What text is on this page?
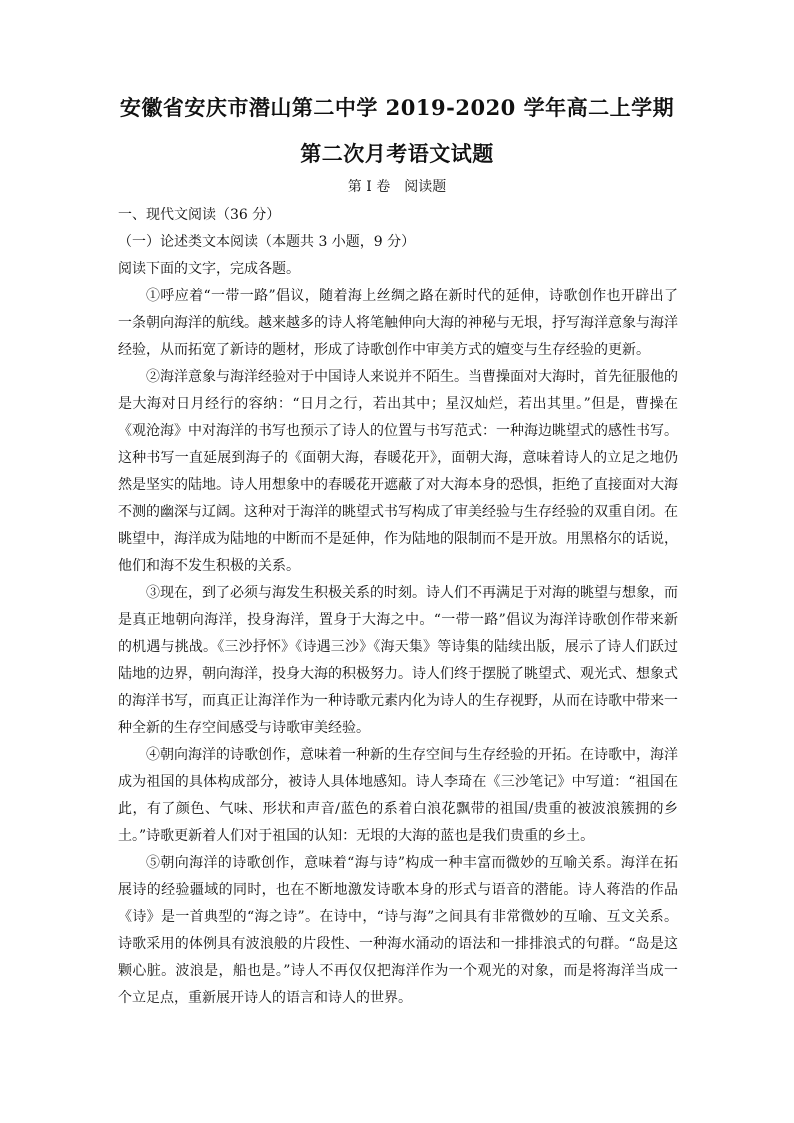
安徽省安庆市潜山第二中学 2019-2020 学年高二上学期
第二次月考语文试题
第 I 卷　阅读题
一、现代文阅读（36 分）
（一）论述类文本阅读（本题共 3 小题，9 分）
阅读下面的文字，完成各题。
①呼应着“一带一路”倡议，随着海上丝绸之路在新时代的延伸，诗歌创作也开辟出了
一条朝向海洋的航线。越来越多的诗人将笔触伸向大海的神秘与无垠，抒写海洋意象与海洋
经验，从而拓宽了新诗的题材，形成了诗歌创作中审美方式的嬗变与生存经验的更新。
②海洋意象与海洋经验对于中国诗人来说并不陌生。当曹操面对大海时，首先征服他的
是大海对日月经行的容纳：“日月之行，若出其中；星汉灿烂，若出其里。”但是，曹操在
《观沧海》中对海洋的书写也预示了诗人的位置与书写范式：一种海边眺望式的感性书写。
这种书写一直延展到海子的《面朝大海，春暖花开》，面朝大海，意味着诗人的立足之地仍
然是坚实的陆地。诗人用想象中的春暖花开遮蔽了对大海本身的恐惧，拒绝了直接面对大海
不测的幽深与辽阔。这种对于海洋的眺望式书写构成了审美经验与生存经验的双重自闭。在
眺望中，海洋成为陆地的中断而不是延伸，作为陆地的限制而不是开放。用黑格尔的话说，
他们和海不发生积极的关系。
③现在，到了必须与海发生积极关系的时刻。诗人们不再满足于对海的眺望与想象，而
是真正地朝向海洋，投身海洋，置身于大海之中。“一带一路”倡议为海洋诗歌创作带来新
的机遇与挑战。《三沙抒怀》《诗遇三沙》《海天集》等诗集的陆续出版，展示了诗人们跃过
陆地的边界，朝向海洋，投身大海的积极努力。诗人们终于摆脱了眺望式、观光式、想象式
的海洋书写，而真正让海洋作为一种诗歌元素内化为诗人的生存视野，从而在诗歌中带来一
种全新的生存空间感受与诗歌审美经验。
④朝向海洋的诗歌创作，意味着一种新的生存空间与生存经验的开拓。在诗歌中，海洋
成为祖国的具体构成部分，被诗人具体地感知。诗人李琦在《三沙笔记》中写道：“祖国在
此，有了颜色、气味、形状和声音/蓝色的系着白浪花飘带的祖国/贵重的被波浪簇拥的乡
土。”诗歌更新着人们对于祖国的认知：无垠的大海的蓝也是我们贵重的乡土。
⑤朝向海洋的诗歌创作，意味着“海与诗”构成一种丰富而微妙的互喻关系。海洋在拓
展诗的经验疆域的同时，也在不断地激发诗歌本身的形式与语音的潜能。诗人蒋浩的作品
《诗》是一首典型的“海之诗”。在诗中，“诗与海”之间具有非常微妙的互喻、互文关系。
诗歌采用的体例具有波浪般的片段性、一种海水涌动的语法和一排排浪式的句群。“岛是这
颗心脏。波浪是，船也是。”诗人不再仅仅把海洋作为一个观光的对象，而是将海洋当成一
个立足点，重新展开诗人的语言和诗人的世界。
